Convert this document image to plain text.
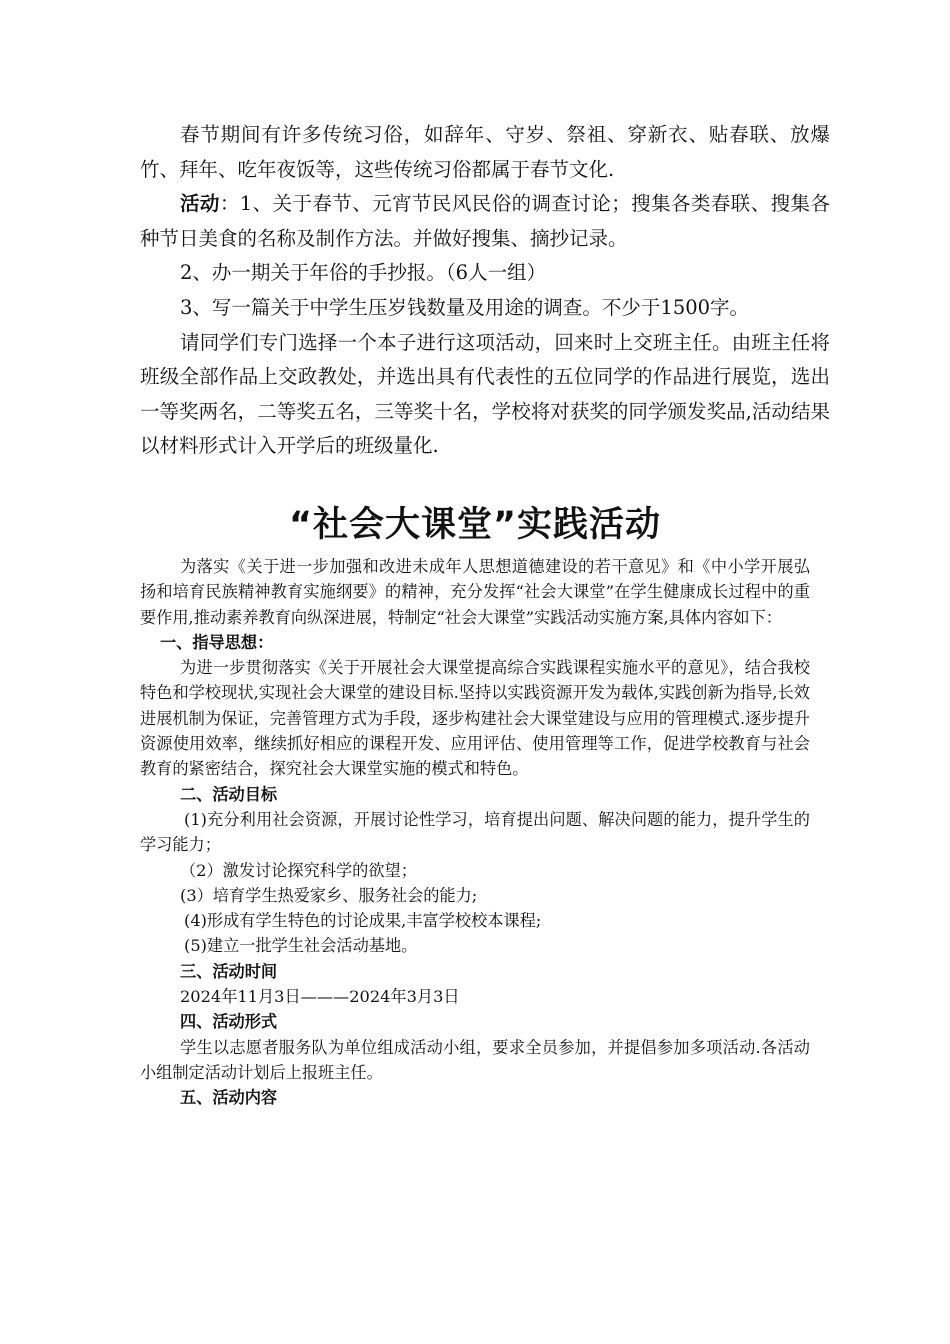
春节期间有许多传统习俗，如辞年、守岁、祭祖、穿新衣、贴春联、放爆竹、拜年、吃年夜饭等，这些传统习俗都属于春节文化.

活动：1、关于春节、元宵节民风民俗的调查讨论；搜集各类春联、搜集各种节日美食的名称及制作方法。并做好搜集、摘抄记录。

2、办一期关于年俗的手抄报。（6人一组）

3、写一篇关于中学生压岁钱数量及用途的调查。不少于1500字。

请同学们专门选择一个本子进行这项活动，回来时上交班主任。由班主任将班级全部作品上交政教处，并选出具有代表性的五位同学的作品进行展览，选出一等奖两名，二等奖五名，三等奖十名，学校将对获奖的同学颁发奖品,活动结果以材料形式计入开学后的班级量化.

“社会大课堂”实践活动

为落实《关于进一步加强和改进未成年人思想道德建设的若干意见》和《中小学开展弘扬和培育民族精神教育实施纲要》的精神，充分发挥“社会大课堂”在学生健康成长过程中的重要作用,推动素养教育向纵深进展，特制定“社会大课堂”实践活动实施方案,具体内容如下：

一、指导思想：

为进一步贯彻落实《关于开展社会大课堂提高综合实践课程实施水平的意见》，结合我校特色和学校现状,实现社会大课堂的建设目标.坚持以实践资源开发为载体,实践创新为指导,长效进展机制为保证，完善管理方式为手段，逐步构建社会大课堂建设与应用的管理模式.逐步提升资源使用效率，继续抓好相应的课程开发、应用评估、使用管理等工作，促进学校教育与社会教育的紧密结合，探究社会大课堂实施的模式和特色。

二、活动目标

(1)充分利用社会资源，开展讨论性学习，培育提出问题、解决问题的能力，提升学生的学习能力；

（2）激发讨论探究科学的欲望；

(3）培育学生热爱家乡、服务社会的能力;

(4)形成有学生特色的讨论成果,丰富学校校本课程;

(5)建立一批学生社会活动基地。

三、活动时间

2024年11月3日———2024年3月3日

四、活动形式

学生以志愿者服务队为单位组成活动小组，要求全员参加，并提倡参加多项活动.各活动小组制定活动计划后上报班主任。

五、活动内容
